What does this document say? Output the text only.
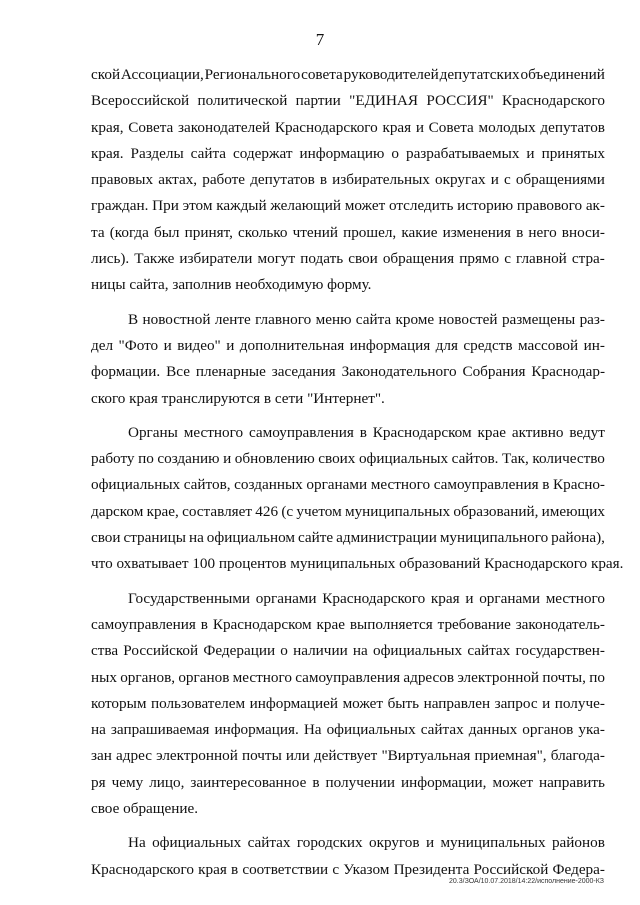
7
ской Ассоциации, Регионального совета руководителей депутатских объединений
Всероссийской политической партии "ЕДИНАЯ РОССИЯ" Краснодарского
края, Совета законодателей Краснодарского края и Совета молодых депутатов
края. Разделы сайта содержат информацию о разрабатываемых и принятых
правовых актах, работе депутатов в избирательных округах и с обращениями
граждан. При этом каждый желающий может отследить историю правового ак-
та (когда был принят, сколько чтений прошел, какие изменения в него вноси-
лись). Также избиратели могут подать свои обращения прямо с главной стра-
ницы сайта, заполнив необходимую форму.
В новостной ленте главного меню сайта кроме новостей размещены раз-
дел "Фото и видео" и дополнительная информация для средств массовой ин-
формации. Все пленарные заседания Законодательного Собрания Краснодар-
ского края транслируются в сети "Интернет".
Органы местного самоуправления в Краснодарском крае активно ведут
работу по созданию и обновлению своих официальных сайтов. Так, количество
официальных сайтов, созданных органами местного самоуправления в Красно-
дарском крае, составляет 426 (с учетом муниципальных образований, имеющих
свои страницы на официальном сайте администрации муниципального района),
что охватывает 100 процентов муниципальных образований Краснодарского края.
Государственными органами Краснодарского края и органами местного
самоуправления в Краснодарском крае выполняется требование законодатель-
ства Российской Федерации о наличии на официальных сайтах государствен-
ных органов, органов местного самоуправления адресов электронной почты, по
которым пользователем информацией может быть направлен запрос и получе-
на запрашиваемая информация. На официальных сайтах данных органов ука-
зан адрес электронной почты или действует "Виртуальная приемная", благода-
ря чему лицо, заинтересованное в получении информации, может направить
свое обращение.
На официальных сайтах городских округов и муниципальных районов
Краснодарского края в соответствии с Указом Президента Российской Федера-
20.3/ЗОА/10.07.2018/14:22/исполнение-2000-КЗ
